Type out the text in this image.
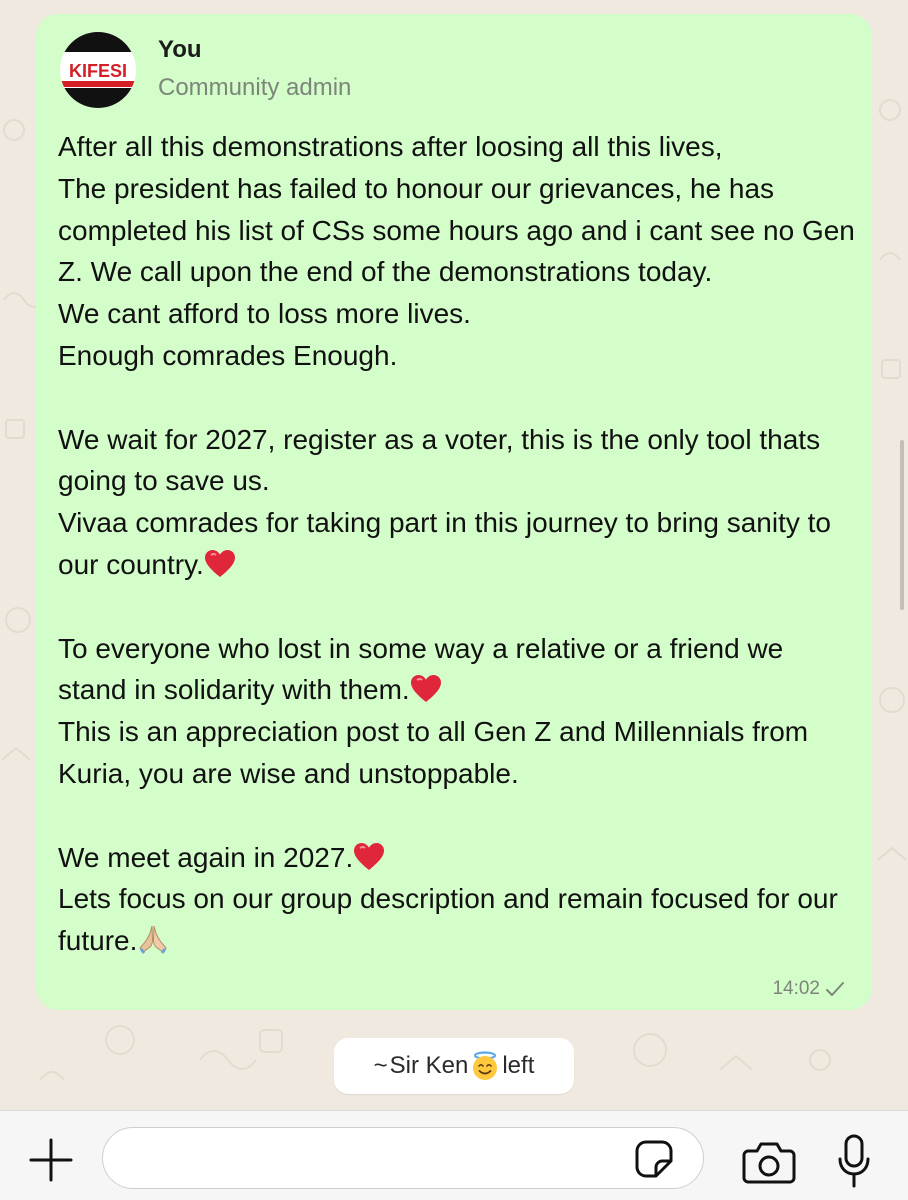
KIFESI
You
Community admin
After all this demonstrations after loosing all this lives,
The president has failed to honour our grievances, he has completed his list of CSs some hours ago and i cant see no Gen Z. We call upon the end of the demonstrations today.
We cant afford to loss more lives.
Enough comrades Enough.

We wait for 2027, register as a voter, this is the only tool thats going to save us.
Vivaa comrades for taking part in this journey to bring sanity to our country.

To everyone who lost in some way a relative or a friend we stand in solidarity with them.
This is an appreciation post to all Gen Z and Millennials from Kuria, you are wise and unstoppable.

We meet again in 2027.
Lets focus on our group description and remain focused for our future.
14:02
~ Sir Ken left
